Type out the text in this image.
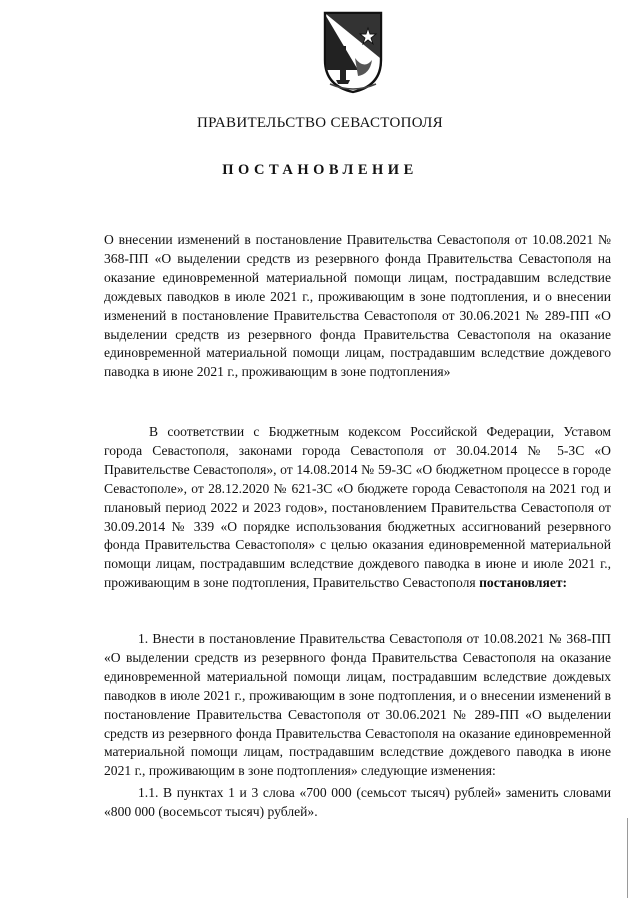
ПРАВИТЕЛЬСТВО СЕВАСТОПОЛЯ
ПОСТАНОВЛЕНИЕ
О внесении изменений в постановление Правительства Севастополя от 10.08.2021 № 368-ПП «О выделении средств из резервного фонда Правительства Севастополя на оказание единовременной материальной помощи лицам, пострадавшим вследствие дождевых паводков в июле 2021 г., проживающим в зоне подтопления, и о внесении изменений в постановление Правительства Севастополя от 30.06.2021 № 289-ПП «О выделении средств из резервного фонда Правительства Севастополя на оказание единовременной материальной помощи лицам, пострадавшим вследствие дождевого паводка в июне 2021 г., проживающим в зоне подтопления»
В соответствии с Бюджетным кодексом Российской Федерации, Уставом города Севастополя, законами города Севастополя от 30.04.2014 № 5-ЗС «О Правительстве Севастополя», от 14.08.2014 № 59-ЗС «О бюджетном процессе в городе Севастополе», от 28.12.2020 № 621-ЗС «О бюджете города Севастополя на 2021 год и плановый период 2022 и 2023 годов», постановлением Правительства Севастополя от 30.09.2014 № 339 «О порядке использования бюджетных ассигнований резервного фонда Правительства Севастополя» с целью оказания единовременной материальной помощи лицам, пострадавшим вследствие дождевого паводка в июне и июле 2021 г., проживающим в зоне подтопления, Правительство Севастополя постановляет:
1. Внести в постановление Правительства Севастополя от 10.08.2021 № 368-ПП «О выделении средств из резервного фонда Правительства Севастополя на оказание единовременной материальной помощи лицам, пострадавшим вследствие дождевых паводков в июле 2021 г., проживающим в зоне подтопления, и о внесении изменений в постановление Правительства Севастополя от 30.06.2021 № 289-ПП «О выделении средств из резервного фонда Правительства Севастополя на оказание единовременной материальной помощи лицам, пострадавшим вследствие дождевого паводка в июне 2021 г., проживающим в зоне подтопления» следующие изменения:
1.1. В пунктах 1 и 3 слова «700 000 (семьсот тысяч) рублей» заменить словами «800 000 (восемьсот тысяч) рублей».
